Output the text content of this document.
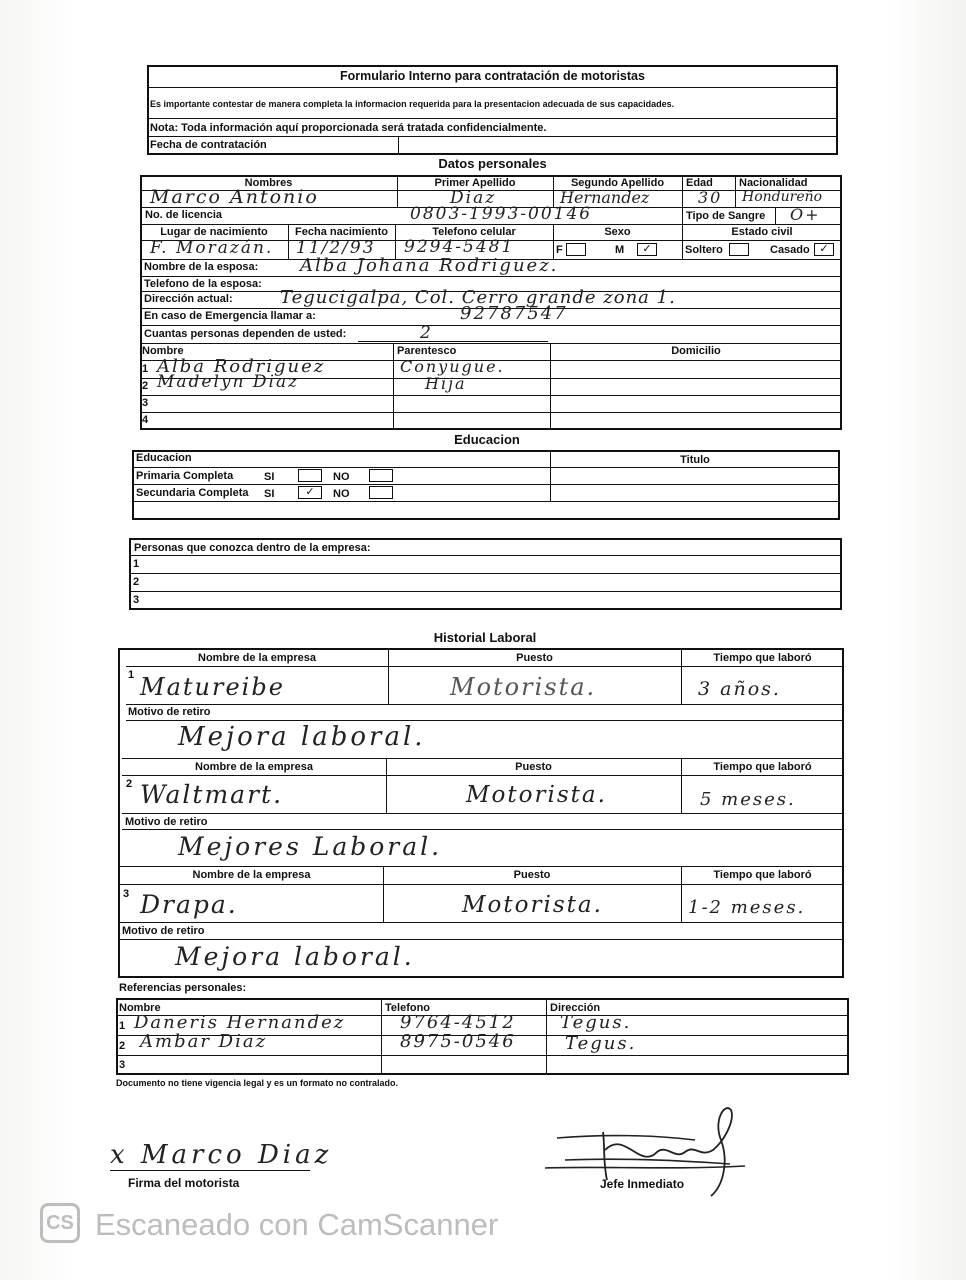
Formulario Interno para contratación de motoristas
Es importante contestar de manera completa la informacion requerida para la presentacion adecuada de sus capacidades.
Nota: Toda información aquí proporcionada será tratada confidencialmente.
Fecha de contratación
Datos personales
Nombres	Primer Apellido	Segundo Apellido	Edad Nacionalidad
Marco Antonio	Diaz	Hernandez	30 Hondureño
No. de licencia	0803-1993-00146	Tipo de Sangre O+
Lugar de nacimiento	Fecha nacimiento	Telefono celular	Sexo	Estado civil
F. Morazán. 11/2/93 9294-5481	F	M	✓	Soltero	Casado ✓
Nombre de la esposa: Alba Johana Rodriguez.
Telefono de la esposa:
Dirección actual:	Tegucigalpa, Col. Cerro grande zona 1.
En caso de Emergencia llamar a:	92787547
Cuantas personas dependen de usted:	2
Nombre	Parentesco	Domicilio
1 Alba Rodriguez	Conyugue.
2 Madelyn Diaz	Hija
3
4
Educacion
Educacion	Titulo
Primaria Completa	SI	NO
Secundaria Completa SI	✓	NO
Personas que conozca dentro de la empresa:
1
2
3
Historial Laboral
Nombre de la empresa	Puesto	Tiempo que laboró
1 Matureibe	Motorista.	3 años.
Motivo de retiro
Mejora laboral.
Nombre de la empresa	Puesto	Tiempo que laboró
2 Waltmart.	Motorista.	5 meses.
Motivo de retiro
Mejores Laboral.
Nombre de la empresa	Puesto	Tiempo que laboró
3 Drapa.	Motorista.	1-2 meses.
Motivo de retiro
Mejora laboral.
Referencias personales:
Nombre	Telefono	Dirección
1 Daneris Hernandez	9764-4512 Tegus.
2 Ambar Diaz	8975-0546	Tegus.
3
Documento no tiene vigencia legal y es un formato no contralado.
x Marco Diaz
Firma del motorista	Jefe Inmediato
CS Escaneado con CamScanner
